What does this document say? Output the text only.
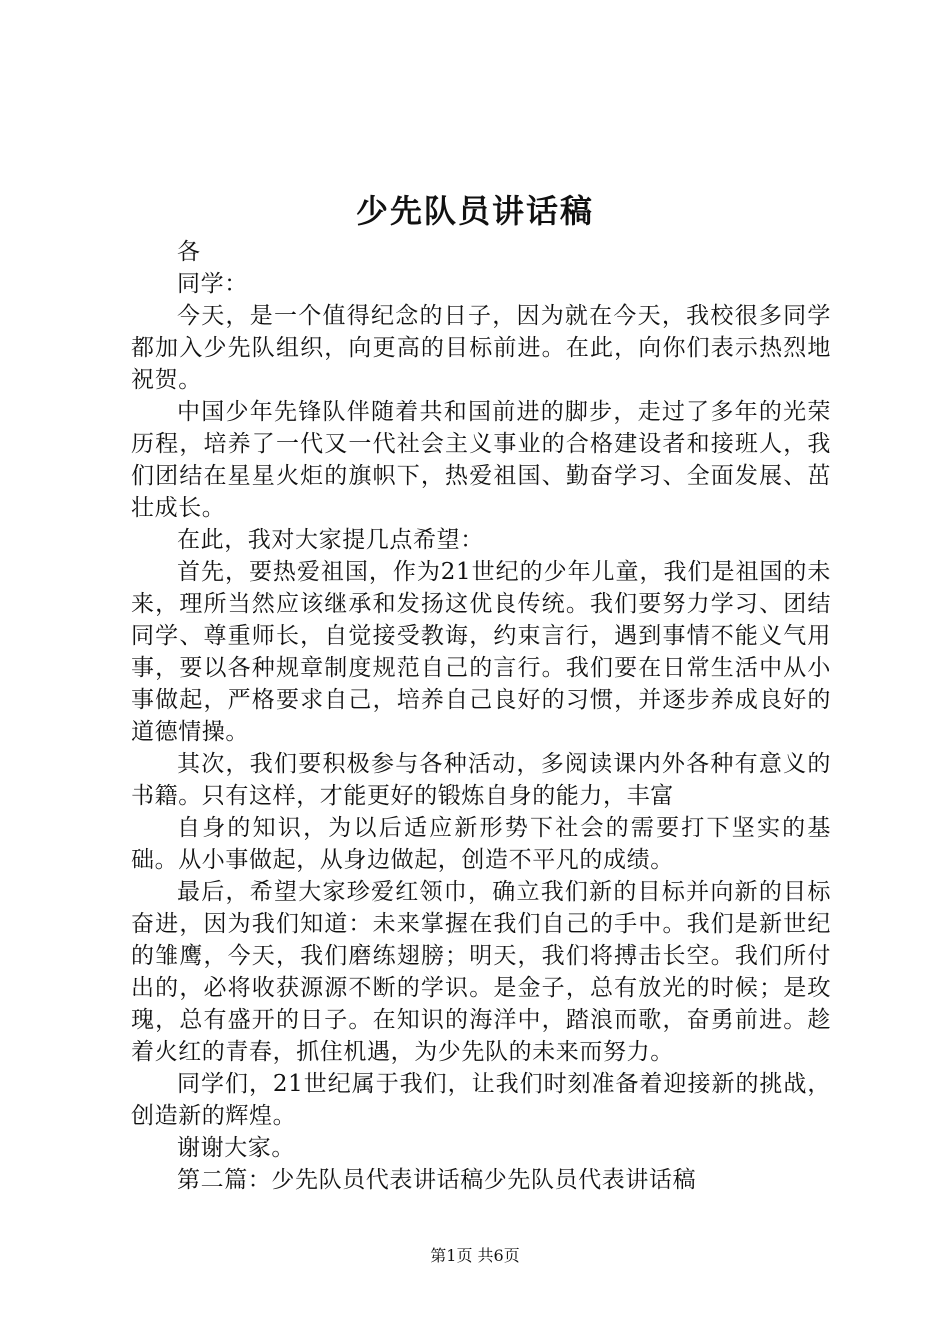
少先队员讲话稿

各

同学：

今天，是一个值得纪念的日子，因为就在今天，我校很多同学都加入少先队组织，向更高的目标前进。在此，向你们表示热烈地祝贺。

中国少年先锋队伴随着共和国前进的脚步，走过了多年的光荣历程，培养了一代又一代社会主义事业的合格建设者和接班人，我们团结在星星火炬的旗帜下，热爱祖国、勤奋学习、全面发展、茁壮成长。

在此，我对大家提几点希望：

首先，要热爱祖国，作为21世纪的少年儿童，我们是祖国的未来，理所当然应该继承和发扬这优良传统。我们要努力学习、团结同学、尊重师长，自觉接受教诲，约束言行，遇到事情不能义气用事，要以各种规章制度规范自己的言行。我们要在日常生活中从小事做起，严格要求自己，培养自己良好的习惯，并逐步养成良好的道德情操。

其次，我们要积极参与各种活动，多阅读课内外各种有意义的书籍。只有这样，才能更好的锻炼自身的能力，丰富

自身的知识，为以后适应新形势下社会的需要打下坚实的基础。从小事做起，从身边做起，创造不平凡的成绩。

最后，希望大家珍爱红领巾，确立我们新的目标并向新的目标奋进，因为我们知道：未来掌握在我们自己的手中。我们是新世纪的雏鹰，今天，我们磨练翅膀；明天，我们将搏击长空。我们所付出的，必将收获源源不断的学识。是金子，总有放光的时候；是玫瑰，总有盛开的日子。在知识的海洋中，踏浪而歌，奋勇前进。趁着火红的青春，抓住机遇，为少先队的未来而努力。

同学们，21世纪属于我们，让我们时刻准备着迎接新的挑战，创造新的辉煌。

谢谢大家。

第二篇：少先队员代表讲话稿少先队员代表讲话稿

第1页 共6页
